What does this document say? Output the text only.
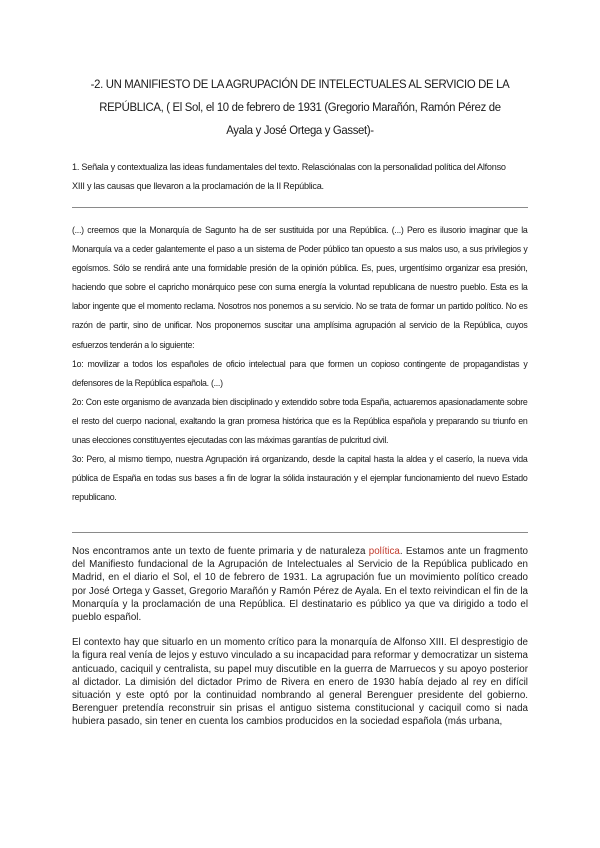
-2. UN MANIFIESTO DE LA AGRUPACIÓN DE INTELECTUALES AL SERVICIO DE LA REPÚBLICA, ( El Sol, el 10 de febrero de 1931 (Gregorio Marañón, Ramón Pérez de Ayala y José Ortega y Gasset)-
1. Señala y contextualiza las ideas fundamentales del texto. Relasciónalas con la personalidad política del Alfonso XIII y las causas que llevaron a la proclamación de la II República.

(...) creemos que la Monarquía de Sagunto ha de ser sustituida por una República. (...) Pero es ilusorio imaginar que la Monarquía va a ceder galantemente el paso a un sistema de Poder público tan opuesto a sus malos uso, a sus privilegios y egoísmos. Sólo se rendirá ante una formidable presión de la opinión pública. Es, pues, urgentísimo organizar esa presión, haciendo que sobre el capricho monárquico pese con suma energía la voluntad republicana de nuestro pueblo. Esta es la labor ingente que el momento reclama. Nosotros nos ponemos a su servicio. No se trata de formar un partido político. No es razón de partir, sino de unificar. Nos proponemos suscitar una amplísima agrupación al servicio de la República, cuyos esfuerzos tenderán a lo siguiente:

1o: movilizar a todos los españoles de oficio intelectual para que formen un copioso contingente de propagandistas y defensores de la República española. (...)

2o: Con este organismo de avanzada bien disciplinado y extendido sobre toda España, actuaremos apasionadamente sobre el resto del cuerpo nacional, exaltando la gran promesa histórica que es la República española y preparando su triunfo en unas elecciones constituyentes ejecutadas con las máximas garantías de pulcritud civil.

3o: Pero, al mismo tiempo, nuestra Agrupación irá organizando, desde la capital hasta la aldea y el caserío, la nueva vida pública de España en todas sus bases a fin de lograr la sólida instauración y el ejemplar funcionamiento del nuevo Estado republicano.

Nos encontramos ante un texto de fuente primaria y de naturaleza política. Estamos ante un fragmento del Manifiesto fundacional de la Agrupación de Intelectuales al Servicio de la República publicado en Madrid, en el diario el Sol, el 10 de febrero de 1931. La agrupación fue un movimiento político creado por José Ortega y Gasset, Gregorio Marañón y Ramón Pérez de Ayala. En el texto reivindican el fin de la Monarquía y la proclamación de una República. El destinatario es público ya que va dirigido a todo el pueblo español.

El contexto hay que situarlo en un momento crítico para la monarquía de Alfonso XIII. El desprestigio de la figura real venía de lejos y estuvo vinculado a su incapacidad para reformar y democratizar un sistema anticuado, caciquil y centralista, su papel muy discutible en la guerra de Marruecos y su apoyo posterior al dictador. La dimisión del dictador Primo de Rivera en enero de 1930 había dejado al rey en difícil situación y este optó por la continuidad nombrando al general Berenguer presidente del gobierno. Berenguer pretendía reconstruir sin prisas el antiguo sistema constitucional y caciquil como si nada hubiera pasado, sin tener en cuenta los cambios producidos en la sociedad española (más urbana,
